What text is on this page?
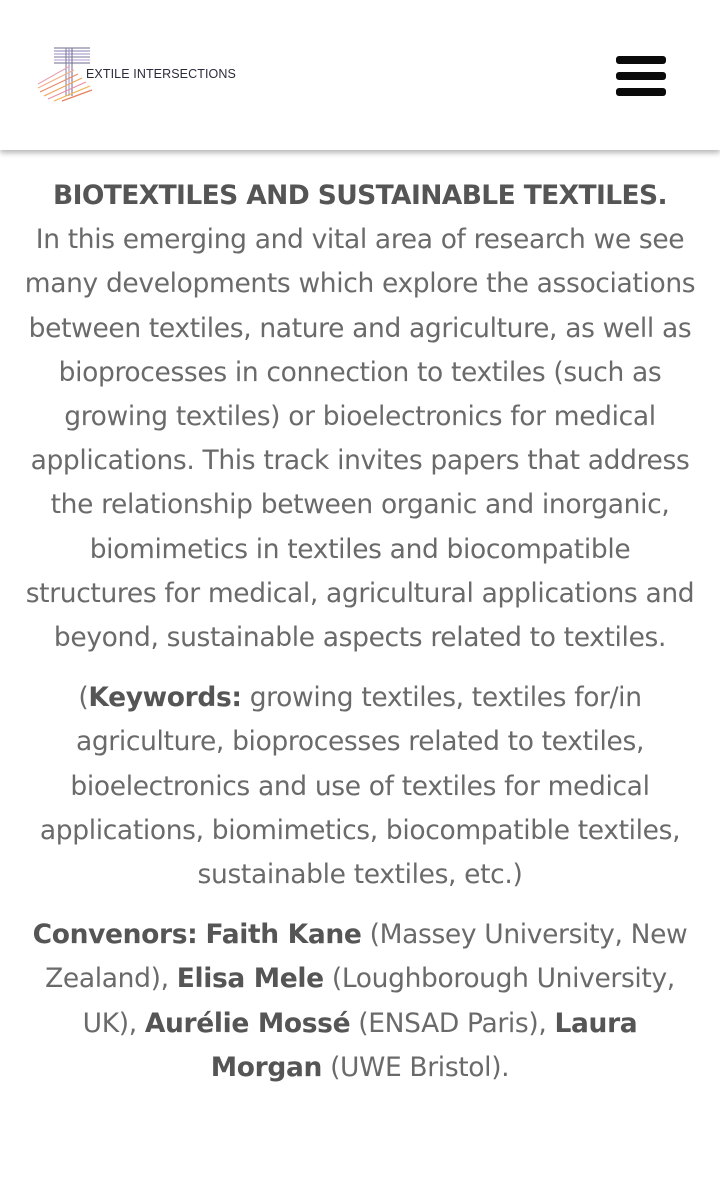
EXTILE INTERSECTIONS

BIOTEXTILES AND SUSTAINABLE TEXTILES.
In this emerging and vital area of research we see many developments which explore the associations between textiles, nature and agriculture, as well as bioprocesses in connection to textiles (such as growing textiles) or bioelectronics for medical applications. This track invites papers that address the relationship between organic and inorganic, biomimetics in textiles and biocompatible structures for medical, agricultural applications and beyond, sustainable aspects related to textiles.

(Keywords: growing textiles, textiles for/in agriculture, bioprocesses related to textiles, bioelectronics and use of textiles for medical applications, biomimetics, biocompatible textiles, sustainable textiles, etc.)

Convenors: Faith Kane (Massey University, New Zealand), Elisa Mele (Loughborough University, UK), Aurélie Mossé (ENSAD Paris), Laura Morgan (UWE Bristol).
